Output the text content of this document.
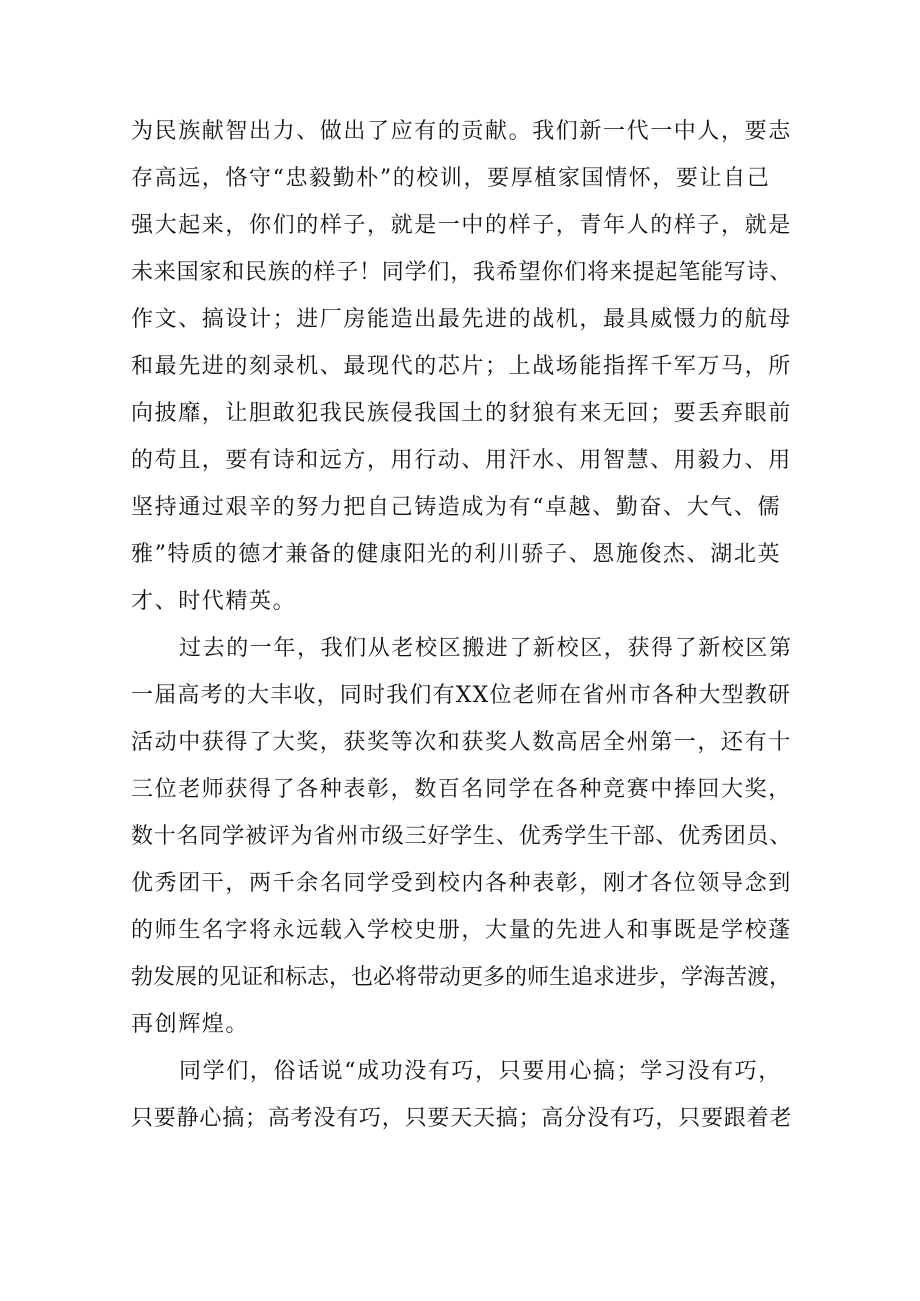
为民族献智出力、做出了应有的贡献。我们新一代一中人，要志
存高远，恪守“忠毅勤朴”的校训，要厚植家国情怀，要让自己
强大起来，你们的样子，就是一中的样子，青年人的样子，就是
未来国家和民族的样子！同学们，我希望你们将来提起笔能写诗、
作文、搞设计；进厂房能造出最先进的战机，最具威慑力的航母
和最先进的刻录机、最现代的芯片；上战场能指挥千军万马，所
向披靡，让胆敢犯我民族侵我国土的豺狼有来无回；要丢弃眼前
的苟且，要有诗和远方，用行动、用汗水、用智慧、用毅力、用
坚持通过艰辛的努力把自己铸造成为有“卓越、勤奋、大气、儒
雅”特质的德才兼备的健康阳光的利川骄子、恩施俊杰、湖北英
才、时代精英。
过去的一年，我们从老校区搬进了新校区，获得了新校区第
一届高考的大丰收，同时我们有XX位老师在省州市各种大型教研
活动中获得了大奖，获奖等次和获奖人数高居全州第一，还有十
三位老师获得了各种表彰，数百名同学在各种竞赛中捧回大奖，
数十名同学被评为省州市级三好学生、优秀学生干部、优秀团员、
优秀团干，两千余名同学受到校内各种表彰，刚才各位领导念到
的师生名字将永远载入学校史册，大量的先进人和事既是学校蓬
勃发展的见证和标志，也必将带动更多的师生追求进步，学海苦渡，
再创辉煌。
同学们，俗话说“成功没有巧，只要用心搞；学习没有巧，
只要静心搞；高考没有巧，只要天天搞；高分没有巧，只要跟着老
